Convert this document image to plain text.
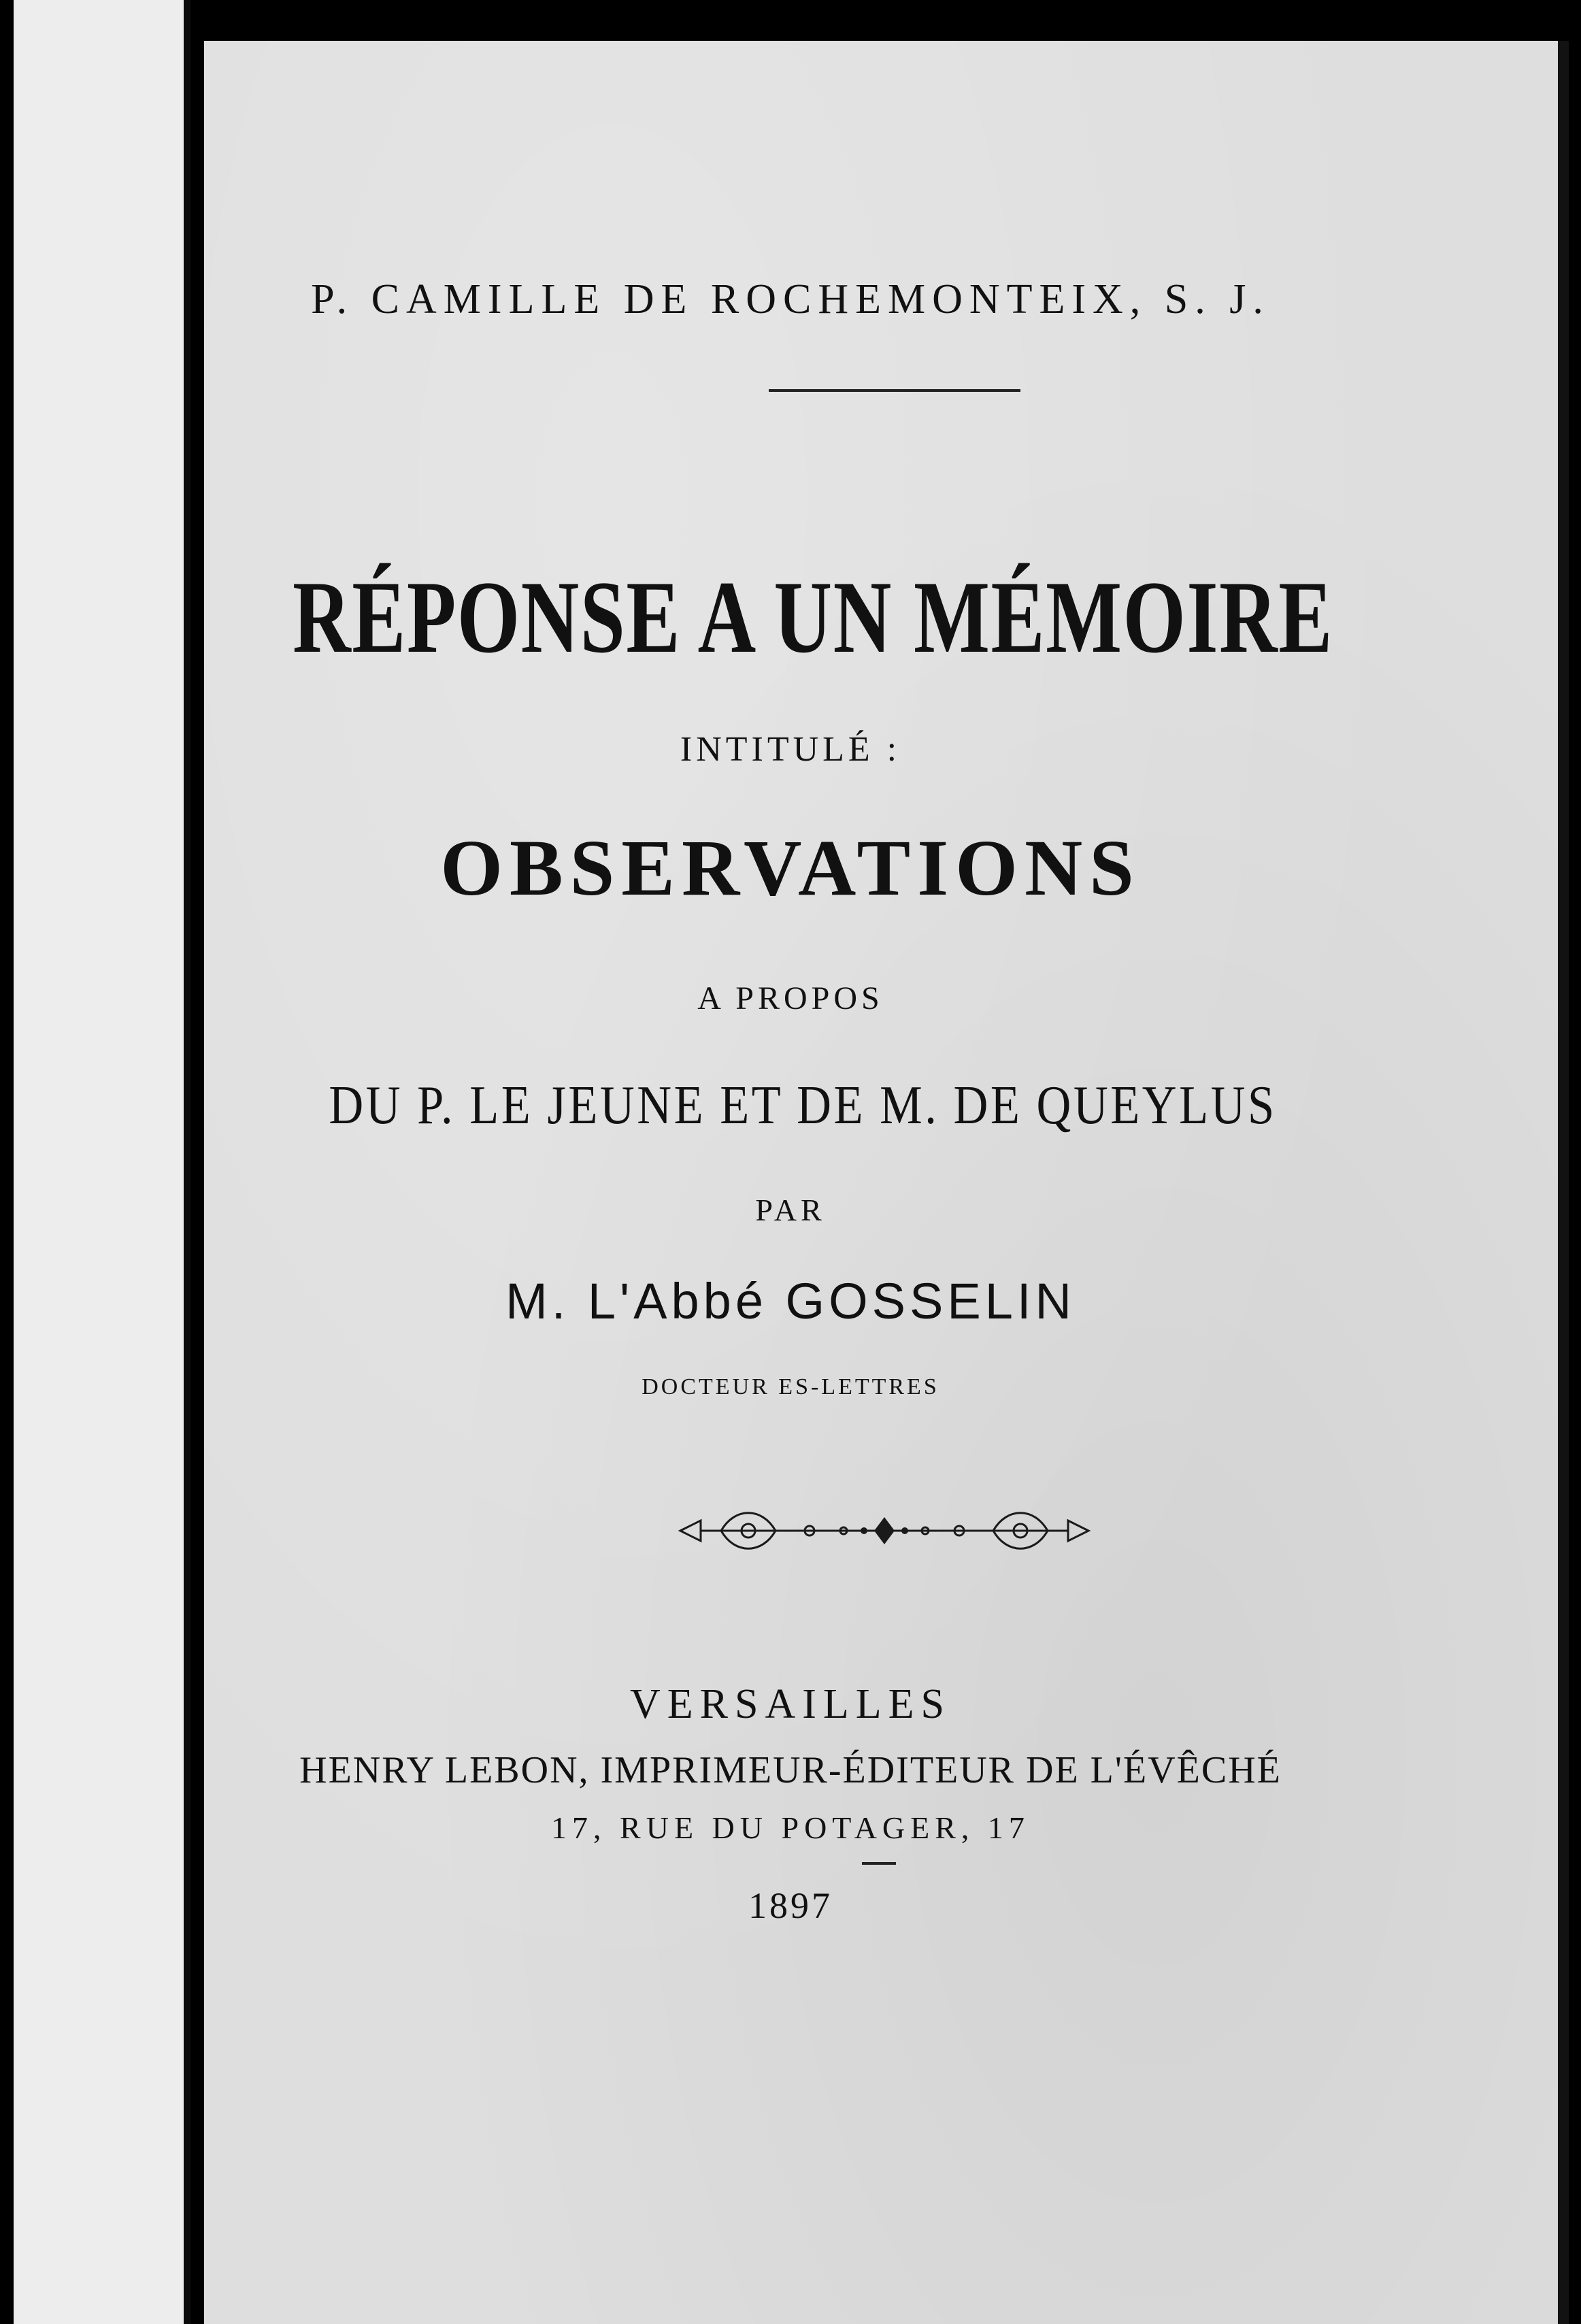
P. CAMILLE DE ROCHEMONTEIX, S. J.

RÉPONSE A UN MÉMOIRE

INTITULÉ :

OBSERVATIONS

A PROPOS

DU P. LE JEUNE ET DE M. DE QUEYLUS

PAR

M. L'Abbé GOSSELIN

DOCTEUR ES-LETTRES

VERSAILLES

HENRY LEBON, IMPRIMEUR-ÉDITEUR DE L'ÉVÊCHÉ

17, RUE DU POTAGER, 17

1897
